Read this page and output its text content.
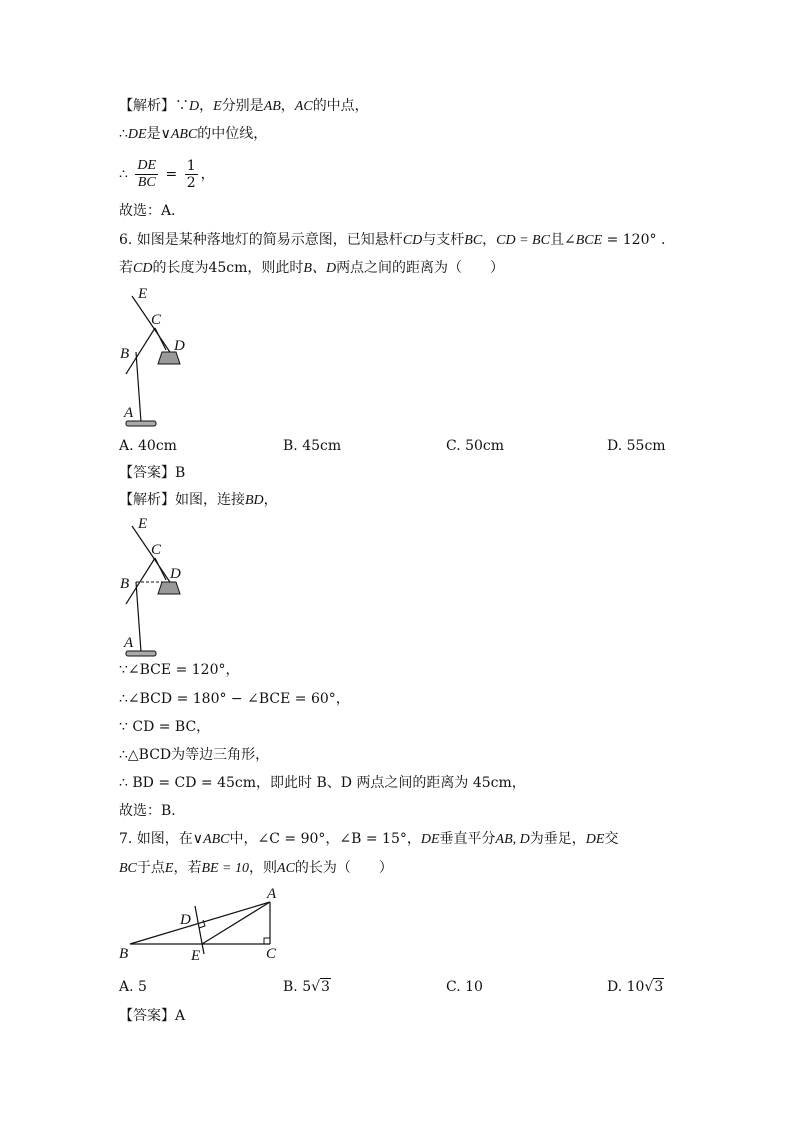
【解析】∵D，E分别是AB，AC的中点，
∴DE是∨ABC的中位线，
∴ $\frac{DE}{BC} = \frac{1}{2}$ ，
故选：A．
6. 如图是某种落地灯的简易示意图，已知悬杆CD与支杆BC，CD = BC且∠BCE = 120° .
若CD的长度为45cm，则此时B、D两点之间的距离为（　　）
E
C
B	D
A
A. 40cm	B. 45cm	C. 50cm	D. 55cm
【答案】B
【解析】如图，连接BD，
E
C
B
D
A
∵∠BCE = 120°，
∴∠BCD = 180° − ∠BCE = 60°，
∵ CD = BC，
∴△BCD为等边三角形，
∴ BD = CD = 45cm，即此时 B、D 两点之间的距离为 45cm，
故选：B．
7. 如图，在∨ABC中，∠C = 90°，∠B = 15°，DE垂直平分AB, D为垂足，DE交
BC于点E，若BE = 10，则AC的长为（　　）
A
D
B	E	C
A. 5	B. 5√3	C. 10	D. 10√3
【答案】A
